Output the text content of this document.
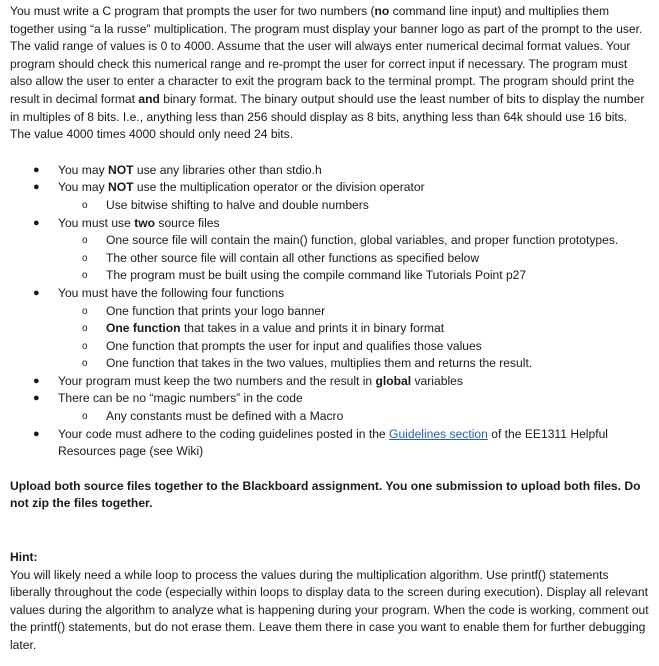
You must write a C program that prompts the user for two numbers (no command line input) and multiplies them together using “a la russe” multiplication. The program must display your banner logo as part of the prompt to the user. The valid range of values is 0 to 4000. Assume that the user will always enter numerical decimal format values. Your program should check this numerical range and re-prompt the user for correct input if necessary. The program must also allow the user to enter a character to exit the program back to the terminal prompt. The program should print the result in decimal format and binary format. The binary output should use the least number of bits to display the number in multiples of 8 bits. I.e., anything less than 256 should display as 8 bits, anything less than 64k should use 16 bits. The value 4000 times 4000 should only need 24 bits.

● You may NOT use any libraries other than stdio.h
● You may NOT use the multiplication operator or the division operator
o Use bitwise shifting to halve and double numbers
● You must use two source files
o One source file will contain the main() function, global variables, and proper function prototypes.
o The other source file will contain all other functions as specified below
o The program must be built using the compile command like Tutorials Point p27
● You must have the following four functions
o One function that prints your logo banner
o One function that takes in a value and prints it in binary format
o One function that prompts the user for input and qualifies those values
o One function that takes in the two values, multiplies them and returns the result.
● Your program must keep the two numbers and the result in global variables
● There can be no “magic numbers” in the code
o Any constants must be defined with a Macro
● Your code must adhere to the coding guidelines posted in the Guidelines section of the EE1311 Helpful Resources page (see Wiki)

Upload both source files together to the Blackboard assignment. You one submission to upload both files. Do not zip the files together.

Hint:

You will likely need a while loop to process the values during the multiplication algorithm. Use printf() statements liberally throughout the code (especially within loops to display data to the screen during execution). Display all relevant values during the algorithm to analyze what is happening during your program. When the code is working, comment out the printf() statements, but do not erase them. Leave them there in case you want to enable them for further debugging later.
